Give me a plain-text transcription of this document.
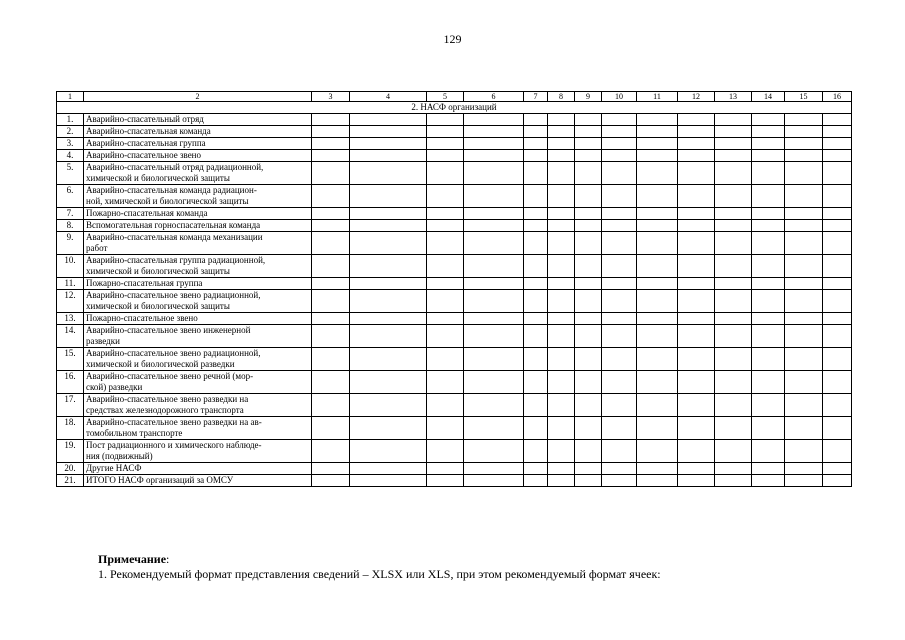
129
1	2	3	4	5	6	7	8	9	10	11	12	13	14	15	16
2. НАСФ организаций															
1.	Аварийно-спасательный отряд														

2.	Аварийно-спасательная команда														

3.	Аварийно-спасательная группа														

4.	Аварийно-спасательное звено														

5.	Аварийно-спасательный отряд радиационной,
химической и биологической защиты														

6.	Аварийно-спасательная команда радиацион-
ной, химической и биологической защиты														

7.	Пожарно-спасательная команда														

8.	Вспомогательная горноспасательная команда														

9.	Аварийно-спасательная команда механизации
работ														

10.	Аварийно-спасательная группа радиационной,
химической и биологической защиты														

11.	Пожарно-спасательная группа														

12.	Аварийно-спасательное звено радиационной,
химической и биологической защиты														

13.	Пожарно-спасательное звено														

14.	Аварийно-спасательное звено инженерной
разведки														

15.	Аварийно-спасательное звено радиационной,
химической и биологической разведки														

16.	Аварийно-спасательное звено речной (мор-
ской) разведки														

17.	Аварийно-спасательное звено разведки на
средствах железнодорожного транспорта														

18.	Аварийно-спасательное звено разведки на ав-
томобильном транспорте														

19.	Пост радиационного и химического наблюде-
ния (подвижный)														

20.	Другие НАСФ														

21.	ИТОГО НАСФ организаций за ОМСУ														

Примечание:
1. Рекомендуемый формат представления сведений – XLSX или XLS, при этом рекомендуемый формат ячеек:
